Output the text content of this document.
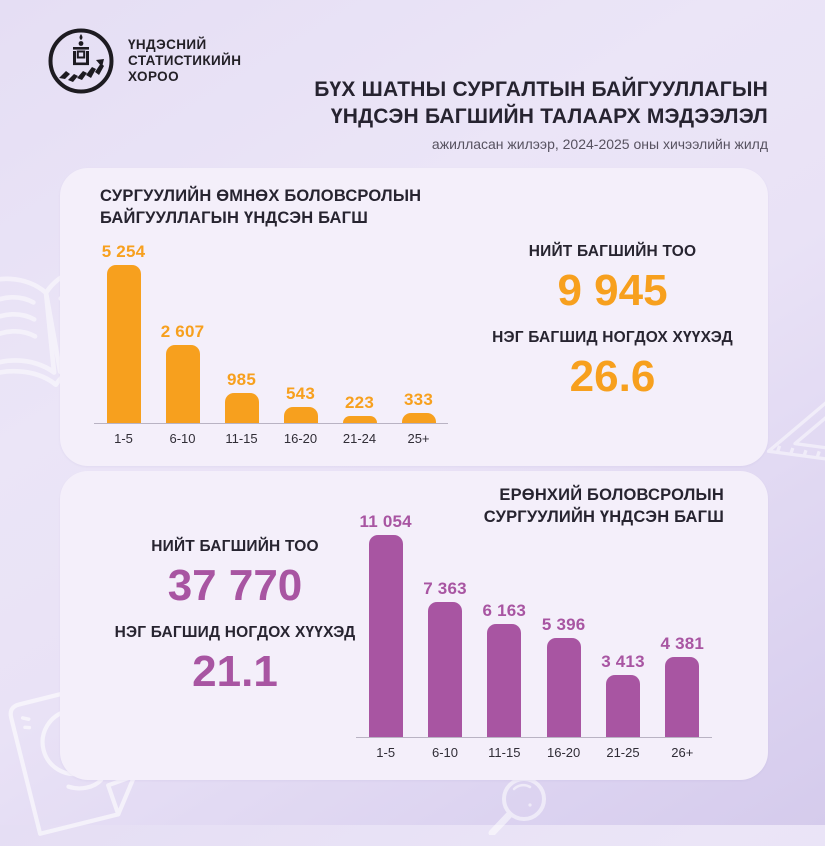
ҮНДЭСНИЙ
СТАТИСТИКИЙН
ХОРОО
БҮХ ШАТНЫ СУРГАЛТЫН БАЙГУУЛЛАГЫН
ҮНДСЭН БАГШИЙН ТАЛААРХ МЭДЭЭЛЭЛ
ажилласан жилээр, 2024-2025 оны хичээлийн жилд
СУРГУУЛИЙН ӨМНӨХ БОЛОВСРОЛЫН
БАЙГУУЛЛАГЫН ҮНДСЭН БАГШ
5 254
2 607
985
543 223 333
1-5	6-10	11-15	16-20	21-24	25+
НИЙТ БАГШИЙН ТОО
9 945
НЭГ БАГШИД НОГДОХ ХҮҮХЭД
26.6
ЕРӨНХИЙ БОЛОВСРОЛЫН
СУРГУУЛИЙН ҮНДСЭН БАГШ
НИЙТ БАГШИЙН ТОО
37 770
НЭГ БАГШИД НОГДОХ ХҮҮХЭД
21.1
11 054
7 363
6 163
5 396
3 413
4 381
1-5	6-10	11-15	16-20	21-25	26+
